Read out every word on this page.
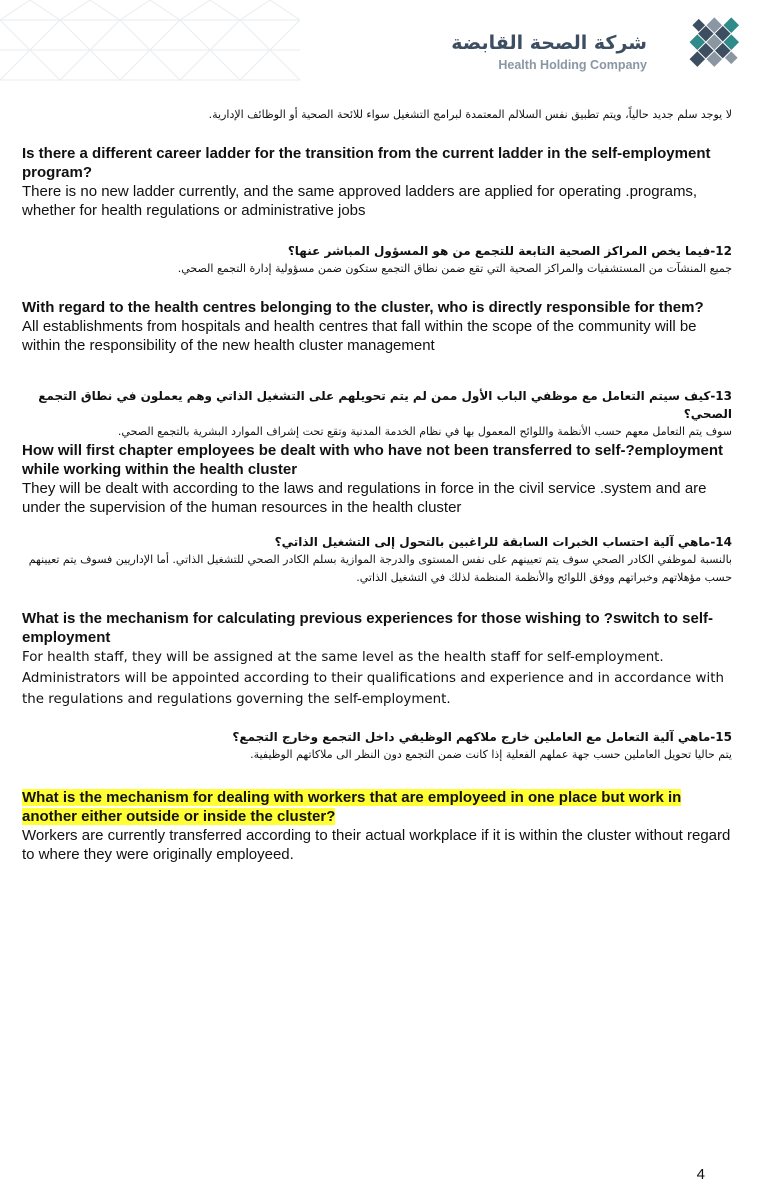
شركة الصحة القابضة
Health Holding Company

لا يوجد سلم جديد حالياً، ويتم تطبيق نفس السلالم المعتمدة لبرامج التشغيل سواء للائحة الصحية أو الوظائف الإدارية.

Is there a different career ladder for the transition from the current ladder in the self-employment program?

There is no new ladder currently, and the same approved ladders are applied for operating .programs, whether for health regulations or administrative jobs

12-فيما يخص المراكز الصحية التابعة للتجمع من هو المسؤول المباشر عنها؟

جميع المنشآت من المستشفيات والمراكز الصحية التي تقع ضمن نطاق التجمع ستكون ضمن مسؤولية إدارة التجمع الصحي.

With regard to the health centres belonging to the cluster, who is directly responsible for them?

All establishments from hospitals and health centres that fall within the scope of the community will be within the responsibility of the new health cluster management

13-كيف سيتم التعامل مع موظفي الباب الأول ممن لم يتم تحويلهم على التشغيل الذاتي وهم يعملون في نطاق التجمع الصحي؟

سوف يتم التعامل معهم حسب الأنظمة واللوائح المعمول بها في نظام الخدمة المدنية وتقع تحت إشراف الموارد البشرية بالتجمع الصحي.

How will first chapter employees be dealt with who have not been transferred to self-?employment while working within the health cluster

They will be dealt with according to the laws and regulations in force in the civil service .system and are under the supervision of the human resources in the health cluster

14-ماهي آلية احتساب الخبرات السابقة للراغبين بالتحول إلى التشغيل الذاتي؟

بالنسبة لموظفي الكادر الصحي سوف يتم تعيينهم على نفس المستوى والدرجة الموازية بسلم الكادر الصحي للتشغيل الذاتي. أما الإداريين فسوف يتم تعيينهم حسب مؤهلاتهم وخبراتهم ووفق اللوائح والأنظمة المنظمة لذلك في التشغيل الذاتي.

What is the mechanism for calculating previous experiences for those wishing to ?switch to self-employment

For health staff, they will be assigned at the same level as the health staff for self-employment. Administrators will be appointed according to their qualifications and experience and in accordance with the regulations and regulations governing the self-employment.

15-ماهي آلية التعامل مع العاملين خارج ملاكهم الوظيفي داخل التجمع وخارج التجمع؟

يتم حاليا تحويل العاملين حسب جهة عملهم الفعلية إذا كانت ضمن التجمع دون النظر الى ملاكاتهم الوظيفية.

What is the mechanism for dealing with workers that are employeed in one place but work in another either outside or inside the cluster?

Workers are currently transferred according to their actual workplace if it is within the cluster without regard to where they were originally employeed.

4
